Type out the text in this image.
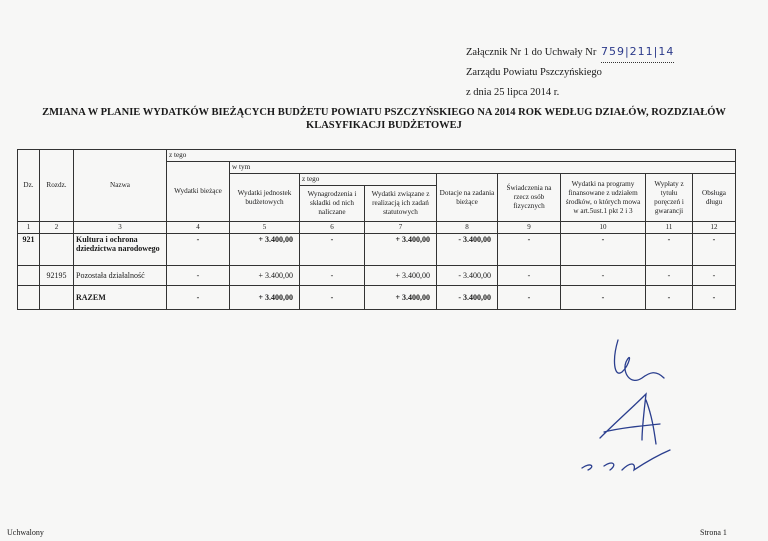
Załącznik Nr 1 do Uchwały Nr 759|211|14
Zarządu Powiatu Pszczyńskiego
z dnia 25 lipca 2014 r.
ZMIANA W PLANIE WYDATKÓW BIEŻĄCYCH BUDŻETU POWIATU PSZCZYŃSKIEGO NA 2014 ROK WEDŁUG DZIAŁÓW, ROZDZIAŁÓW
KLASYFIKACJI BUDŻETOWEJ
Dz.	Rozdz.	Nazwa	z tego								
			Wydatki bieżące	w tym							
				Wydatki jednostek budżetowych	z tego		Dotacje na zadania bieżące	Świadczenia na rzecz osób fizycznych	Wydatki na programy finansowane z udziałem środków, o których mowa w art.5ust.1 pkt 2 i 3	Wypłaty z tytułu poręczeń i gwarancji	Obsługa długu
					Wynagrodzenia i składki od nich naliczane	Wydatki związane z realizacją ich zadań statutowych					
1	2	3	4	5	6	7	8	9	10	11	12
921		Kultura i ochrona dziedzictwa narodowego	-	+ 3.400,00	-	+ 3.400,00	- 3.400,00	-	-	-	-
	92195	Pozostała działalność	-	+ 3.400,00	-	+ 3.400,00	- 3.400,00	-	-	-	-
		RAZEM	-	+ 3.400,00	-	+ 3.400,00	- 3.400,00	-	-	-	-
Uchwalony	Strona 1
